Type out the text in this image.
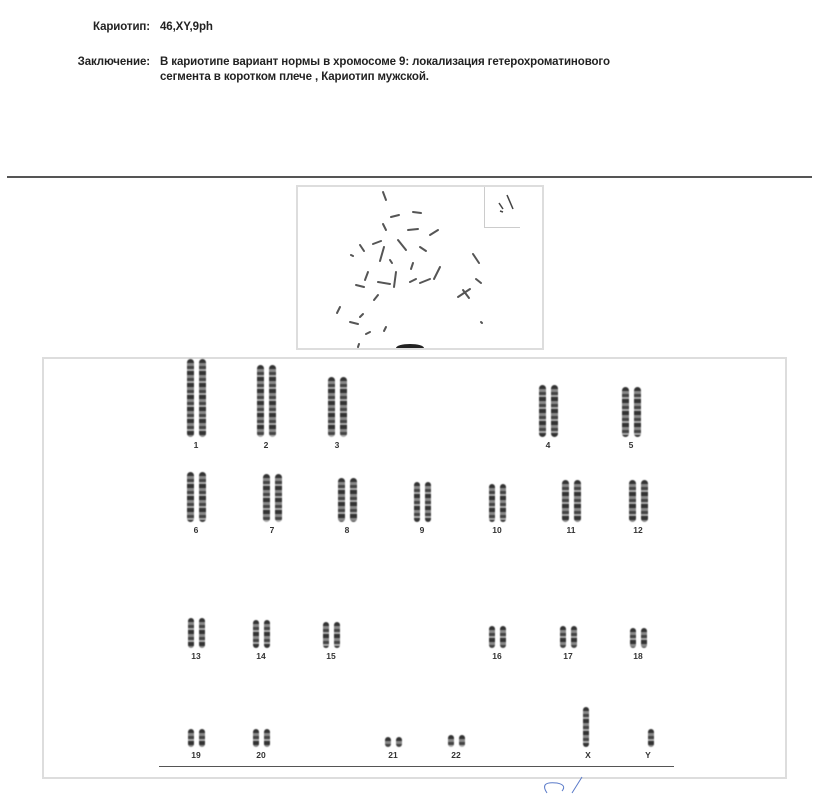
Кариотип: 46,XY,9ph
Заключение: В кариотипе вариант нормы в хромосоме 9: локализация гетерохроматинового
сегмента в коротком плече , Кариотип мужской.
1	2	3	4	5
6	7	8	9	10	11	12
13	14	15	16	17	18
19	20	21	22	X	Y
